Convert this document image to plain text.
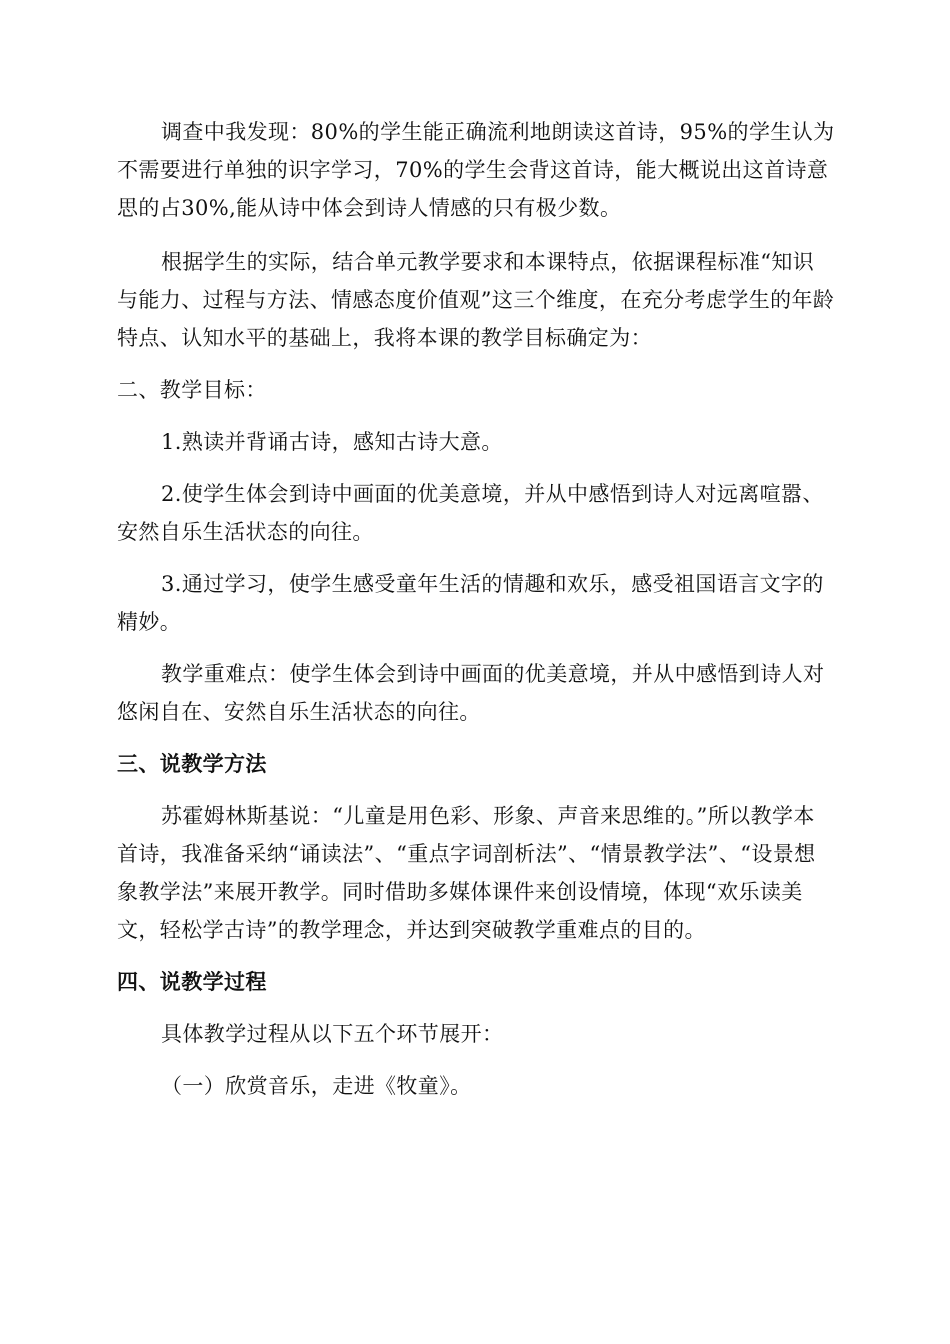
调查中我发现：80%的学生能正确流利地朗读这首诗，95%的学生认为不需要进行单独的识字学习，70%的学生会背这首诗，能大概说出这首诗意思的占30%,能从诗中体会到诗人情感的只有极少数。

根据学生的实际，结合单元教学要求和本课特点，依据课程标准“知识与能力、过程与方法、情感态度价值观”这三个维度，在充分考虑学生的年龄特点、认知水平的基础上，我将本课的教学目标确定为：

二、教学目标：

1.熟读并背诵古诗，感知古诗大意。

2.使学生体会到诗中画面的优美意境，并从中感悟到诗人对远离喧嚣、安然自乐生活状态的向往。

3.通过学习，使学生感受童年生活的情趣和欢乐，感受祖国语言文字的精妙。

教学重难点：使学生体会到诗中画面的优美意境，并从中感悟到诗人对悠闲自在、安然自乐生活状态的向往。

三、说教学方法

苏霍姆林斯基说：“儿童是用色彩、形象、声音来思维的。”所以教学本首诗，我准备采纳“诵读法”、“重点字词剖析法”、“情景教学法”、“设景想象教学法”来展开教学。同时借助多媒体课件来创设情境，体现“欢乐读美文，轻松学古诗”的教学理念，并达到突破教学重难点的目的。

四、说教学过程

具体教学过程从以下五个环节展开：

（一）欣赏音乐，走进《牧童》。
